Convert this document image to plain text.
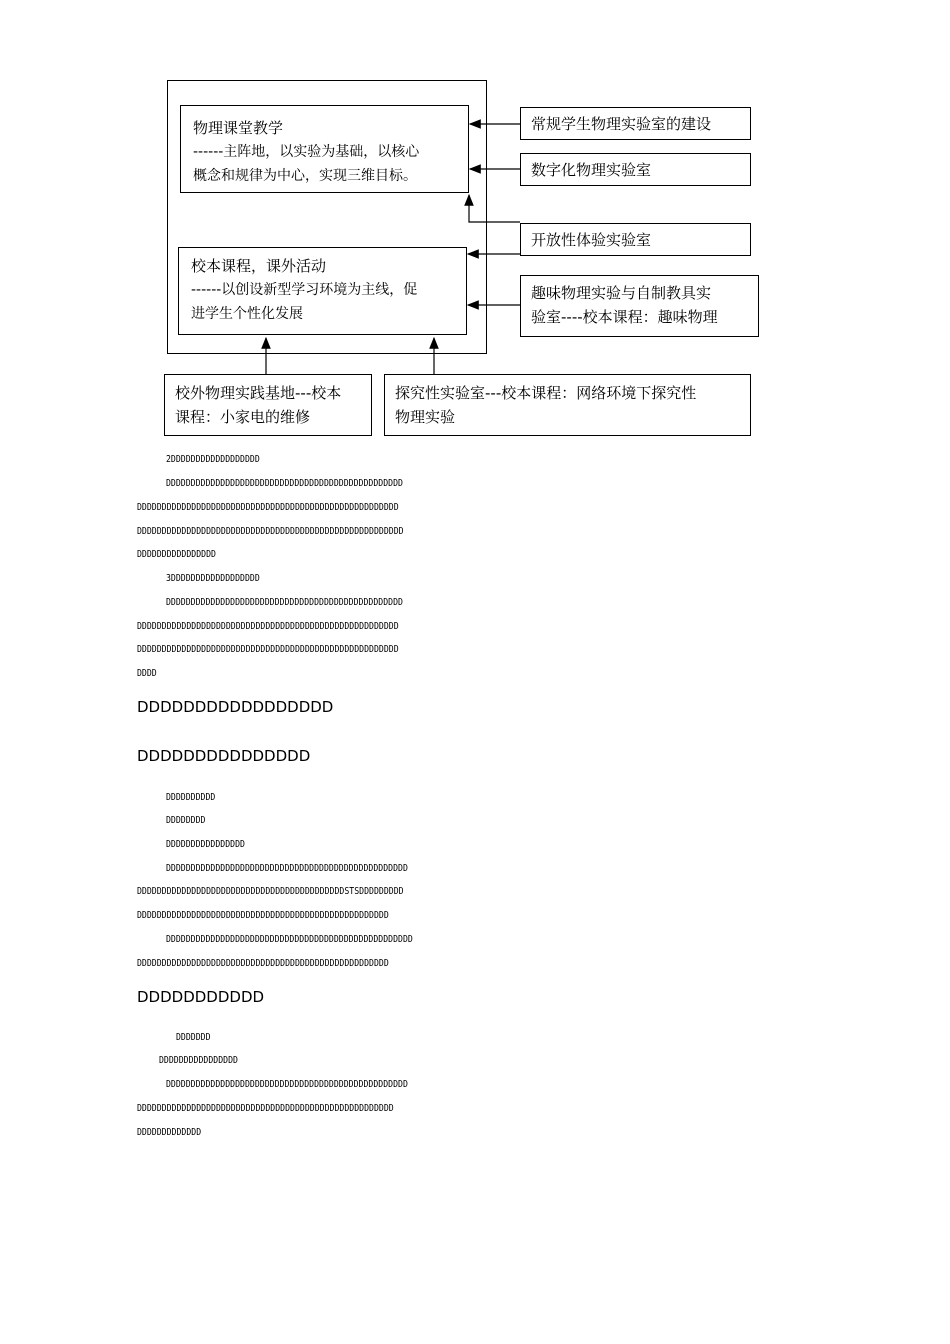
物理课堂教学
------主阵地，以实验为基础，以核心
概念和规律为中心，实现三维目标。
校本课程，课外活动
------以创设新型学习环境为主线，促
进学生个性化发展
常规学生物理实验室的建设
数字化物理实验室
开放性体验实验室
趣味物理实验与自制教具实
验室----校本课程：趣味物理
校外物理实践基地---校本
课程：小家电的维修
探究性实验室---校本课程：网络环境下探究性
物理实验
2DDDDDDDDDDDDDDDDDD
DDDDDDDDDDDDDDDDDDDDDDDDDDDDDDDDDDDDDDDDDDDDDDDD
DDDDDDDDDDDDDDDDDDDDDDDDDDDDDDDDDDDDDDDDDDDDDDDDDDDDD
DDDDDDDDDDDDDDDDDDDDDDDDDDDDDDDDDDDDDDDDDDDDDDDDDDDDDD
DDDDDDDDDDDDDDDD
3DDDDDDDDDDDDDDDDDD
DDDDDDDDDDDDDDDDDDDDDDDDDDDDDDDDDDDDDDDDDDDDDDDD
DDDDDDDDDDDDDDDDDDDDDDDDDDDDDDDDDDDDDDDDDDDDDDDDDDDDD
DDDDDDDDDDDDDDDDDDDDDDDDDDDDDDDDDDDDDDDDDDDDDDDDDDDDD
DDDD
DDDDDDDDDDDDDDDDD
DDDDDDDDDDDDDDD
DDDDDDDDDD
DDDDDDDD
DDDDDDDDDDDDDDDD
DDDDDDDDDDDDDDDDDDDDDDDDDDDDDDDDDDDDDDDDDDDDDDDDD
DDDDDDDDDDDDDDDDDDDDDDDDDDDDDDDDDDDDDDDDDDSTSDDDDDDDDD
DDDDDDDDDDDDDDDDDDDDDDDDDDDDDDDDDDDDDDDDDDDDDDDDDDD
DDDDDDDDDDDDDDDDDDDDDDDDDDDDDDDDDDDDDDDDDDDDDDDDDD
DDDDDDDDDDDDDDDDDDDDDDDDDDDDDDDDDDDDDDDDDDDDDDDDDDD
DDDDDDDDDDD
DDDDDDD
DDDDDDDDDDDDDDDD
DDDDDDDDDDDDDDDDDDDDDDDDDDDDDDDDDDDDDDDDDDDDDDDDD
DDDDDDDDDDDDDDDDDDDDDDDDDDDDDDDDDDDDDDDDDDDDDDDDDDDD
DDDDDDDDDDDDD
